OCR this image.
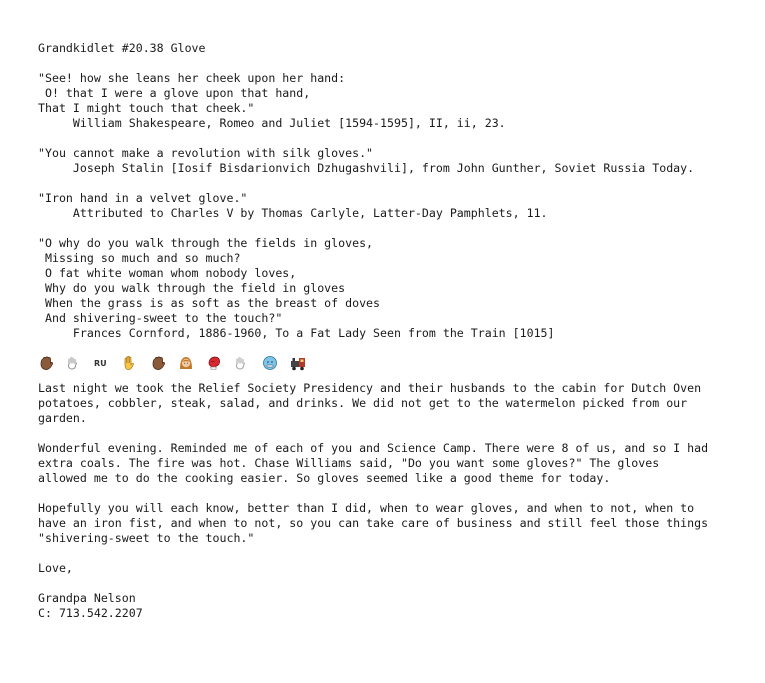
Grandkidlet #20.38 Glove
"See! how she leans her cheek upon her hand:
O! that I were a glove upon that hand,
That I might touch that cheek."
William Shakespeare, Romeo and Juliet [1594-1595], II, ii, 23.
"You cannot make a revolution with silk gloves."
Joseph Stalin [Iosif Bisdarionvich Dzhugashvili], from John Gunther, Soviet Russia Today.
"Iron hand in a velvet glove."
Attributed to Charles V by Thomas Carlyle, Latter-Day Pamphlets, 11.
"O why do you walk through the fields in gloves,
Missing so much and so much?
O fat white woman whom nobody loves,
Why do you walk through the field in gloves
When the grass is as soft as the breast of doves
And shivering-sweet to the touch?"
Frances Cornford, 1886-1960, To a Fat Lady Seen from the Train [1015]
RU
Last night we took the Relief Society Presidency and their husbands to the cabin for Dutch Oven
potatoes, cobbler, steak, salad, and drinks. We did not get to the watermelon picked from our
garden.
Wonderful evening. Reminded me of each of you and Science Camp. There were 8 of us, and so I had
extra coals. The fire was hot. Chase Williams said, "Do you want some gloves?" The gloves
allowed me to do the cooking easier. So gloves seemed like a good theme for today.
Hopefully you will each know, better than I did, when to wear gloves, and when to not, when to
have an iron fist, and when to not, so you can take care of business and still feel those things
"shivering-sweet to the touch."
Love,
Grandpa Nelson
C: 713.542.2207
